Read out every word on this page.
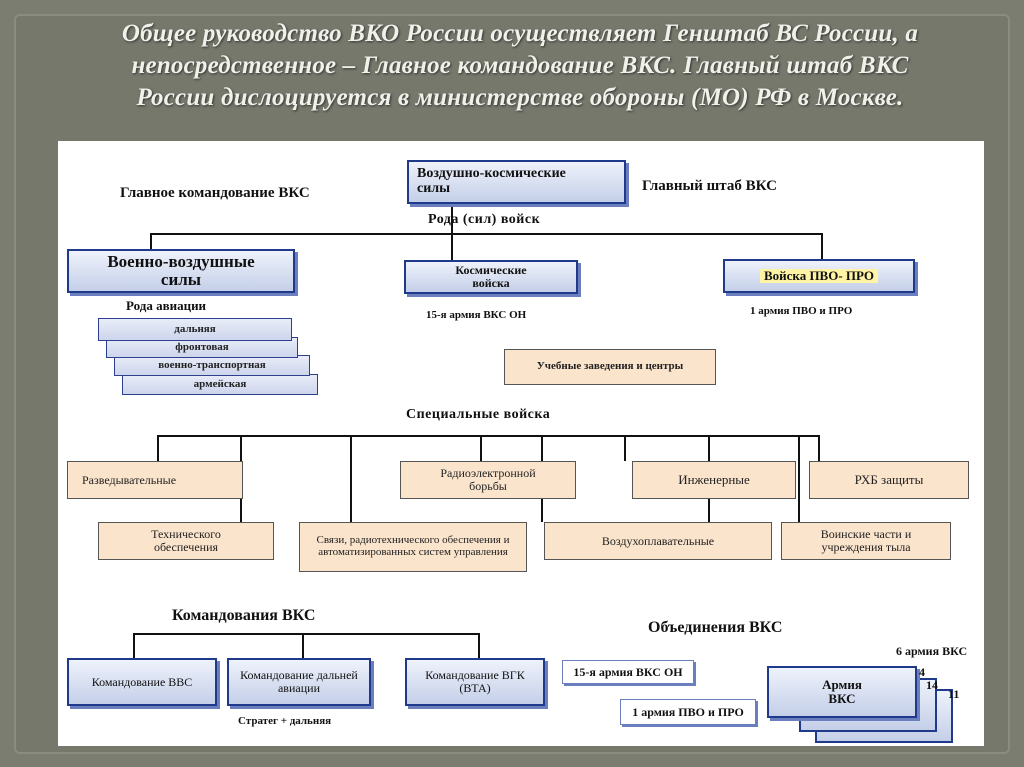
Общее руководство ВКО России осуществляет Генштаб ВС России, а
непосредственное – Главное командование ВКС. Главный штаб ВКС
России дислоцируется в министерстве обороны (МО) РФ в Москве.
Главное командование ВКС	Главный штаб ВКС
Рода (сил) войск
Воздушно-космические силы
Военно-воздушные силы	Космические войска	Войска ПВО- ПРО
15-я армия ВКС ОН	1 армия ПВО и ПРО
Рода авиации
армейская
военно-транспортная
фронтовая
дальняя
Учебные заведения и центры
Специальные войска
Разведывательные	Радиоэлектронной борьбы	Инженерные	РХБ защиты
Технического обеспечения	Связи, радиотехнического обеспечения и автоматизированных систем управления
Воздухоплавательные	Воинские части и учреждения тыла
Командования ВКС
Командование ВВС	Командование дальней авиации
Командование ВГК (ВТА)
Стратег + дальняя
Объединения ВКС
15-я армия ВКС ОН
1 армия ПВО и ПРО
Армия ВКС
6 армия ВКС
4
14
11
